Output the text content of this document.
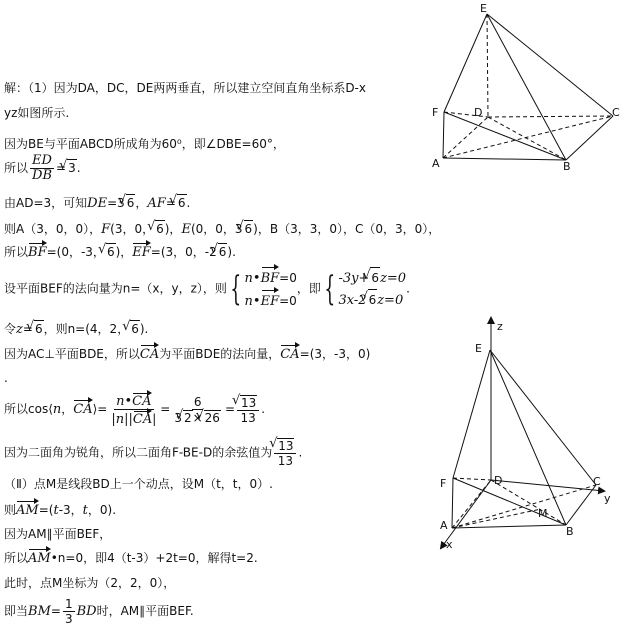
E
F	D	C
A	B
z
E
F	D	C
A
M
B
y
x
解：（1）因为DA，DC，DE两两垂直，所以建立空间直角坐标系D-x
yz如图所示.
因为BE与平面ABCD所成角为60⁰，即∠DBE=60°，
所以 $\frac{ED}{DB}$ = √ 3.
由AD=3，可知DE=3 √ 6，AF= √ 6.
则A（3，0，0），F(3，0， √ 6)，E(0，0，3 √ 6)，B（3，3，0），C（0，3，0），
所以BF=(0，-3， √ 6)，EF=(3，0，-2 √ 6).
设平面BEF的法向量为n=（x，y，z），则 { n•BF=0
n•EF=0
，即 { -3y+ √ 6z=0
3x-2 √ 6z=0
.
令z= √ 6，则n=(4，2， √ 6).
因为AC⊥平面BDE，所以CA为平面BDE的法向量，CA=(3，-3，0)
.
所以cos⟨n，CA⟩= $\frac{n•CA}{|n||CA|} = \frac{6}{3 √ 2\times √ 26}$ = √ $\frac{13}{13}$ .
因为二面角为锐角，所以二面角F-BE-D的余弦值为 √ $\frac{13}{13}$ .
（Ⅱ）点M是线段BD上一个动点，设M（t，t，0）.
则AM=(t-3，t，0).
因为AM∥平面BEF，
所以AM•n=0，即4（t-3）+2t=0，解得t=2.
此时，点M坐标为（2，2，0），
即当$BM= \frac{1}{3}$ BD时，AM∥平面BEF.
